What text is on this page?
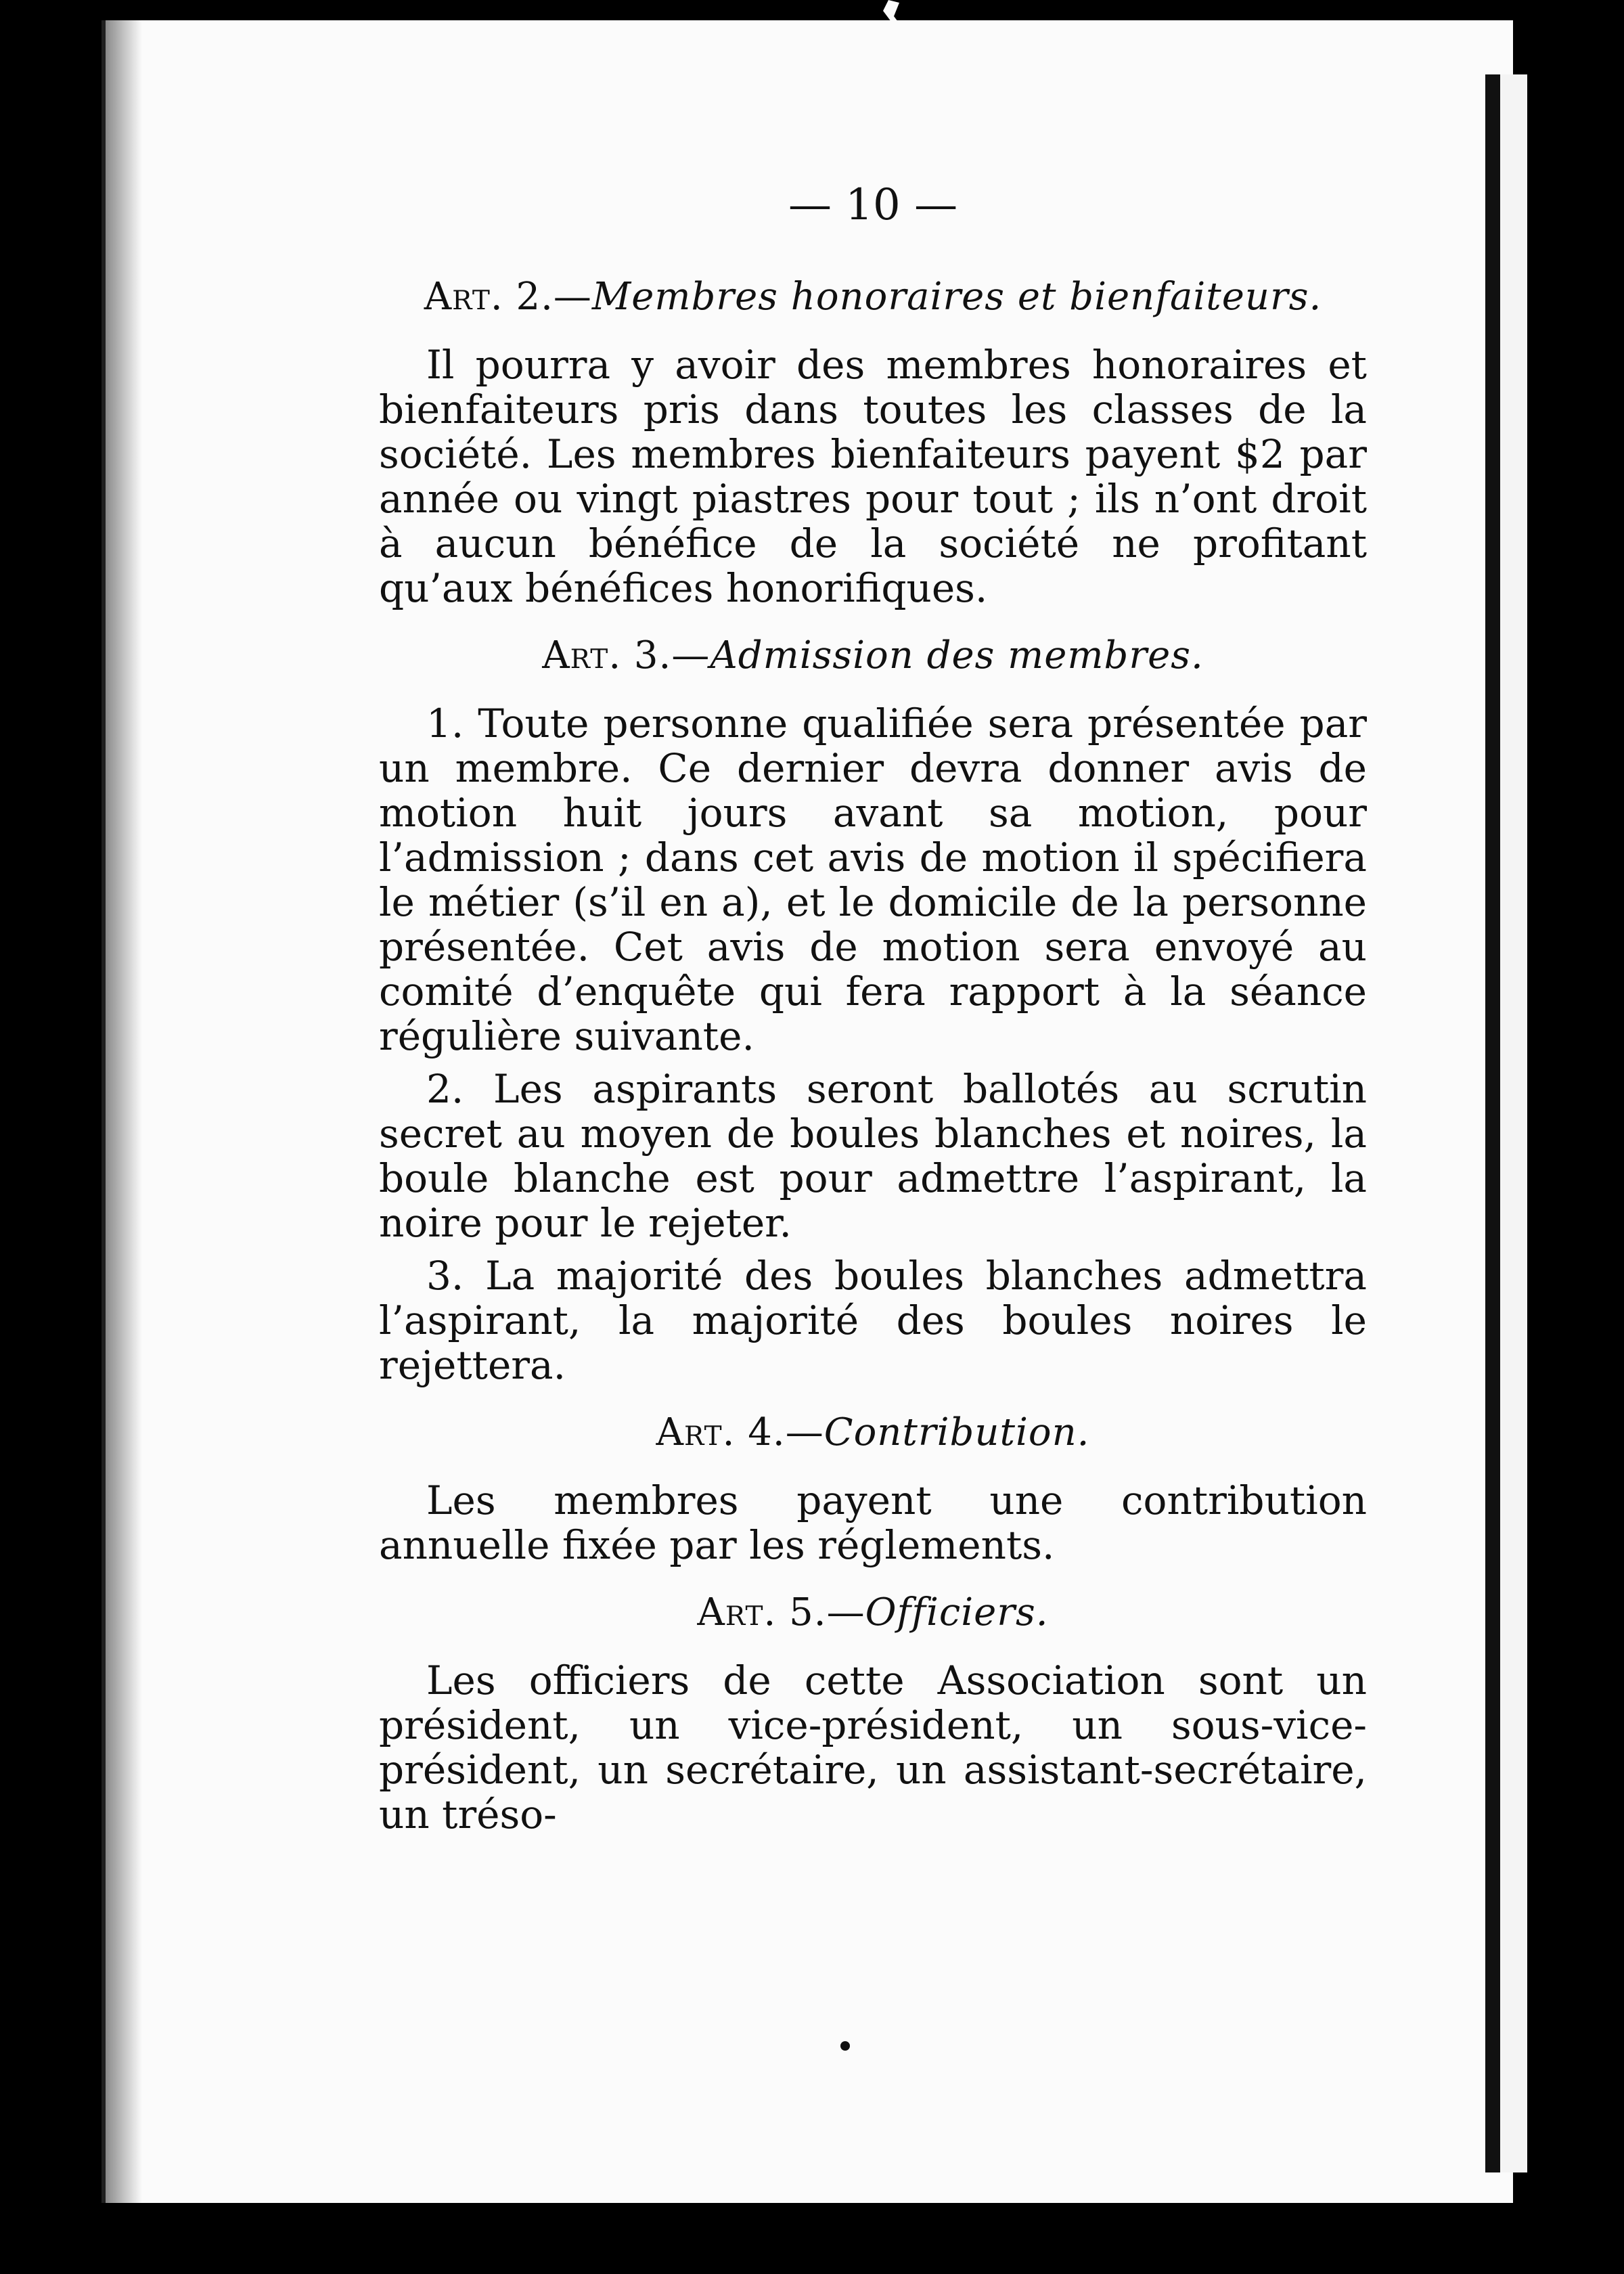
— 10 —
Art. 2.—Membres honoraires et bienfaiteurs.

Il pourra y avoir des membres honoraires et bienfaiteurs pris dans toutes les classes de la société. Les membres bienfaiteurs payent $2 par année ou vingt piastres pour tout ; ils n’ont droit à aucun bénéfice de la société ne profitant qu’aux bénéfices honorifiques.

Art. 3.—Admission des membres.

1. Toute personne qualifiée sera présentée par un membre. Ce dernier devra donner avis de motion huit jours avant sa motion, pour l’admission ; dans cet avis de motion il spécifiera le métier (s’il en a), et le domicile de la personne présentée. Cet avis de motion sera envoyé au comité d’enquête qui fera rapport à la séance régulière suivante.

2. Les aspirants seront ballotés au scrutin secret au moyen de boules blanches et noires, la boule blanche est pour admettre l’aspirant, la noire pour le rejeter.

3. La majorité des boules blanches admettra l’aspirant, la majorité des boules noires le rejettera.

Art. 4.—Contribution.

Les membres payent une contribution annuelle fixée par les réglements.

Art. 5.—Officiers.

Les officiers de cette Association sont un président, un vice-président, un sous-vice-président, un secrétaire, un assistant-secrétaire, un tréso-
